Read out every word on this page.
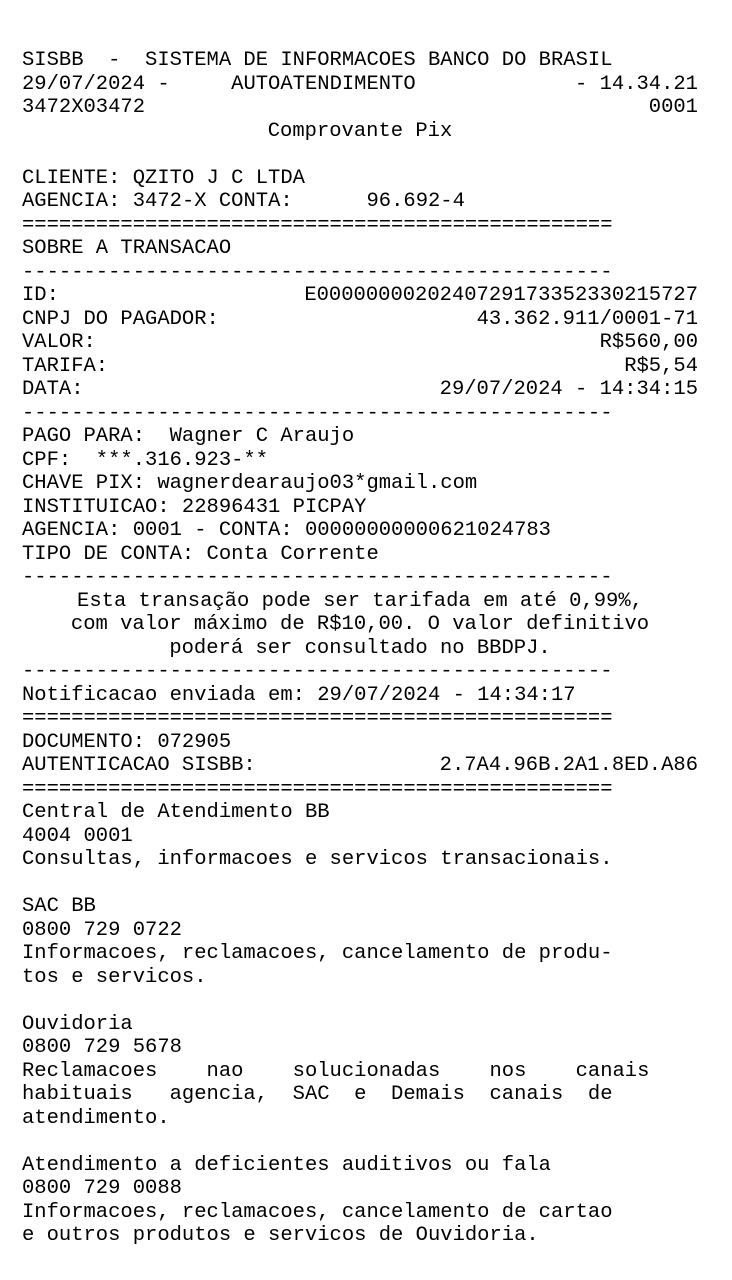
SISBB  -  SISTEMA DE INFORMACOES BANCO DO BRASIL
29/07/2024 -     AUTOATENDIMENTO	- 14.34.21
3472X03472	0001
Comprovante Pix
CLIENTE: QZITO J C LTDA
AGENCIA: 3472-X CONTA:	96.692-4
================================================
SOBRE A TRANSACAO
------------------------------------------------
ID:	E0000000020240729173352330215727
CNPJ DO PAGADOR:	43.362.911/0001-71
VALOR:	R$560,00
TARIFA:	R$5,54
DATA:	29/07/2024 - 14:34:15
------------------------------------------------
PAGO PARA:  Wagner C Araujo
CPF:  ***.316.923-**
CHAVE PIX: wagnerdearaujo03*gmail.com
INSTITUICAO: 22896431 PICPAY
AGENCIA: 0001 - CONTA: 00000000000621024783
TIPO DE CONTA: Conta Corrente
------------------------------------------------
Esta transação pode ser tarifada em até 0,99%,
com valor máximo de R$10,00. O valor definitivo
poderá ser consultado no BBDPJ.
------------------------------------------------
Notificacao enviada em: 29/07/2024 - 14:34:17
================================================
DOCUMENTO: 072905
AUTENTICACAO SISBB:	2.7A4.96B.2A1.8ED.A86
================================================
Central de Atendimento BB
4004 0001
Consultas, informacoes e servicos transacionais.
SAC BB
0800 729 0722
Informacoes, reclamacoes, cancelamento de produ-
tos e servicos.
Ouvidoria
0800 729 5678
Reclamacoes    nao    solucionadas    nos    canais
habituais   agencia,  SAC  e  Demais  canais  de
atendimento.
Atendimento a deficientes auditivos ou fala
0800 729 0088
Informacoes, reclamacoes, cancelamento de cartao
e outros produtos e servicos de Ouvidoria.
